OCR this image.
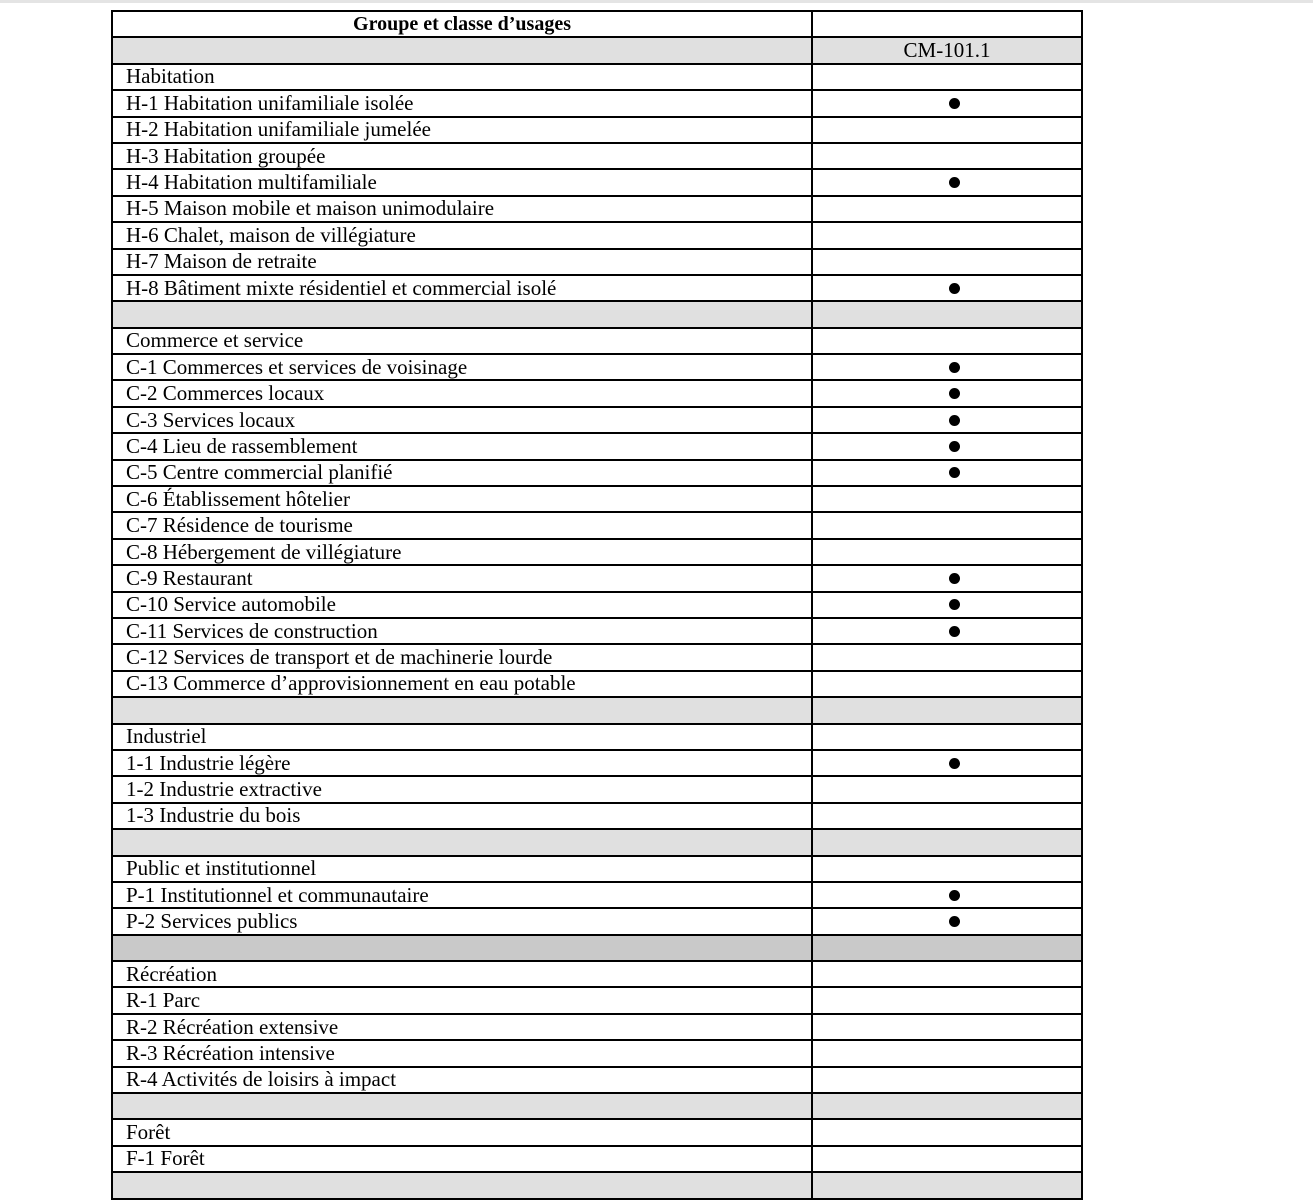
Groupe et classe d’usages
CM-101.1
Habitation
H-1 Habitation unifamiliale isolée
H-2 Habitation unifamiliale jumelée
H-3 Habitation groupée
H-4 Habitation multifamiliale
H-5 Maison mobile et maison unimodulaire
H-6 Chalet, maison de villégiature
H-7 Maison de retraite
H-8 Bâtiment mixte résidentiel et commercial isolé
Commerce et service
C-1 Commerces et services de voisinage
C-2 Commerces locaux
C-3 Services locaux
C-4 Lieu de rassemblement
C-5 Centre commercial planifié
C-6 Établissement hôtelier
C-7 Résidence de tourisme
C-8 Hébergement de villégiature
C-9 Restaurant
C-10 Service automobile
C-11 Services de construction
C-12 Services de transport et de machinerie lourde
C-13 Commerce d’approvisionnement en eau potable
Industriel
1-1 Industrie légère
1-2 Industrie extractive
1-3 Industrie du bois
Public et institutionnel
P-1 Institutionnel et communautaire
P-2 Services publics
Récréation
R-1 Parc
R-2 Récréation extensive
R-3 Récréation intensive
R-4 Activités de loisirs à impact
Forêt
F-1 Forêt
